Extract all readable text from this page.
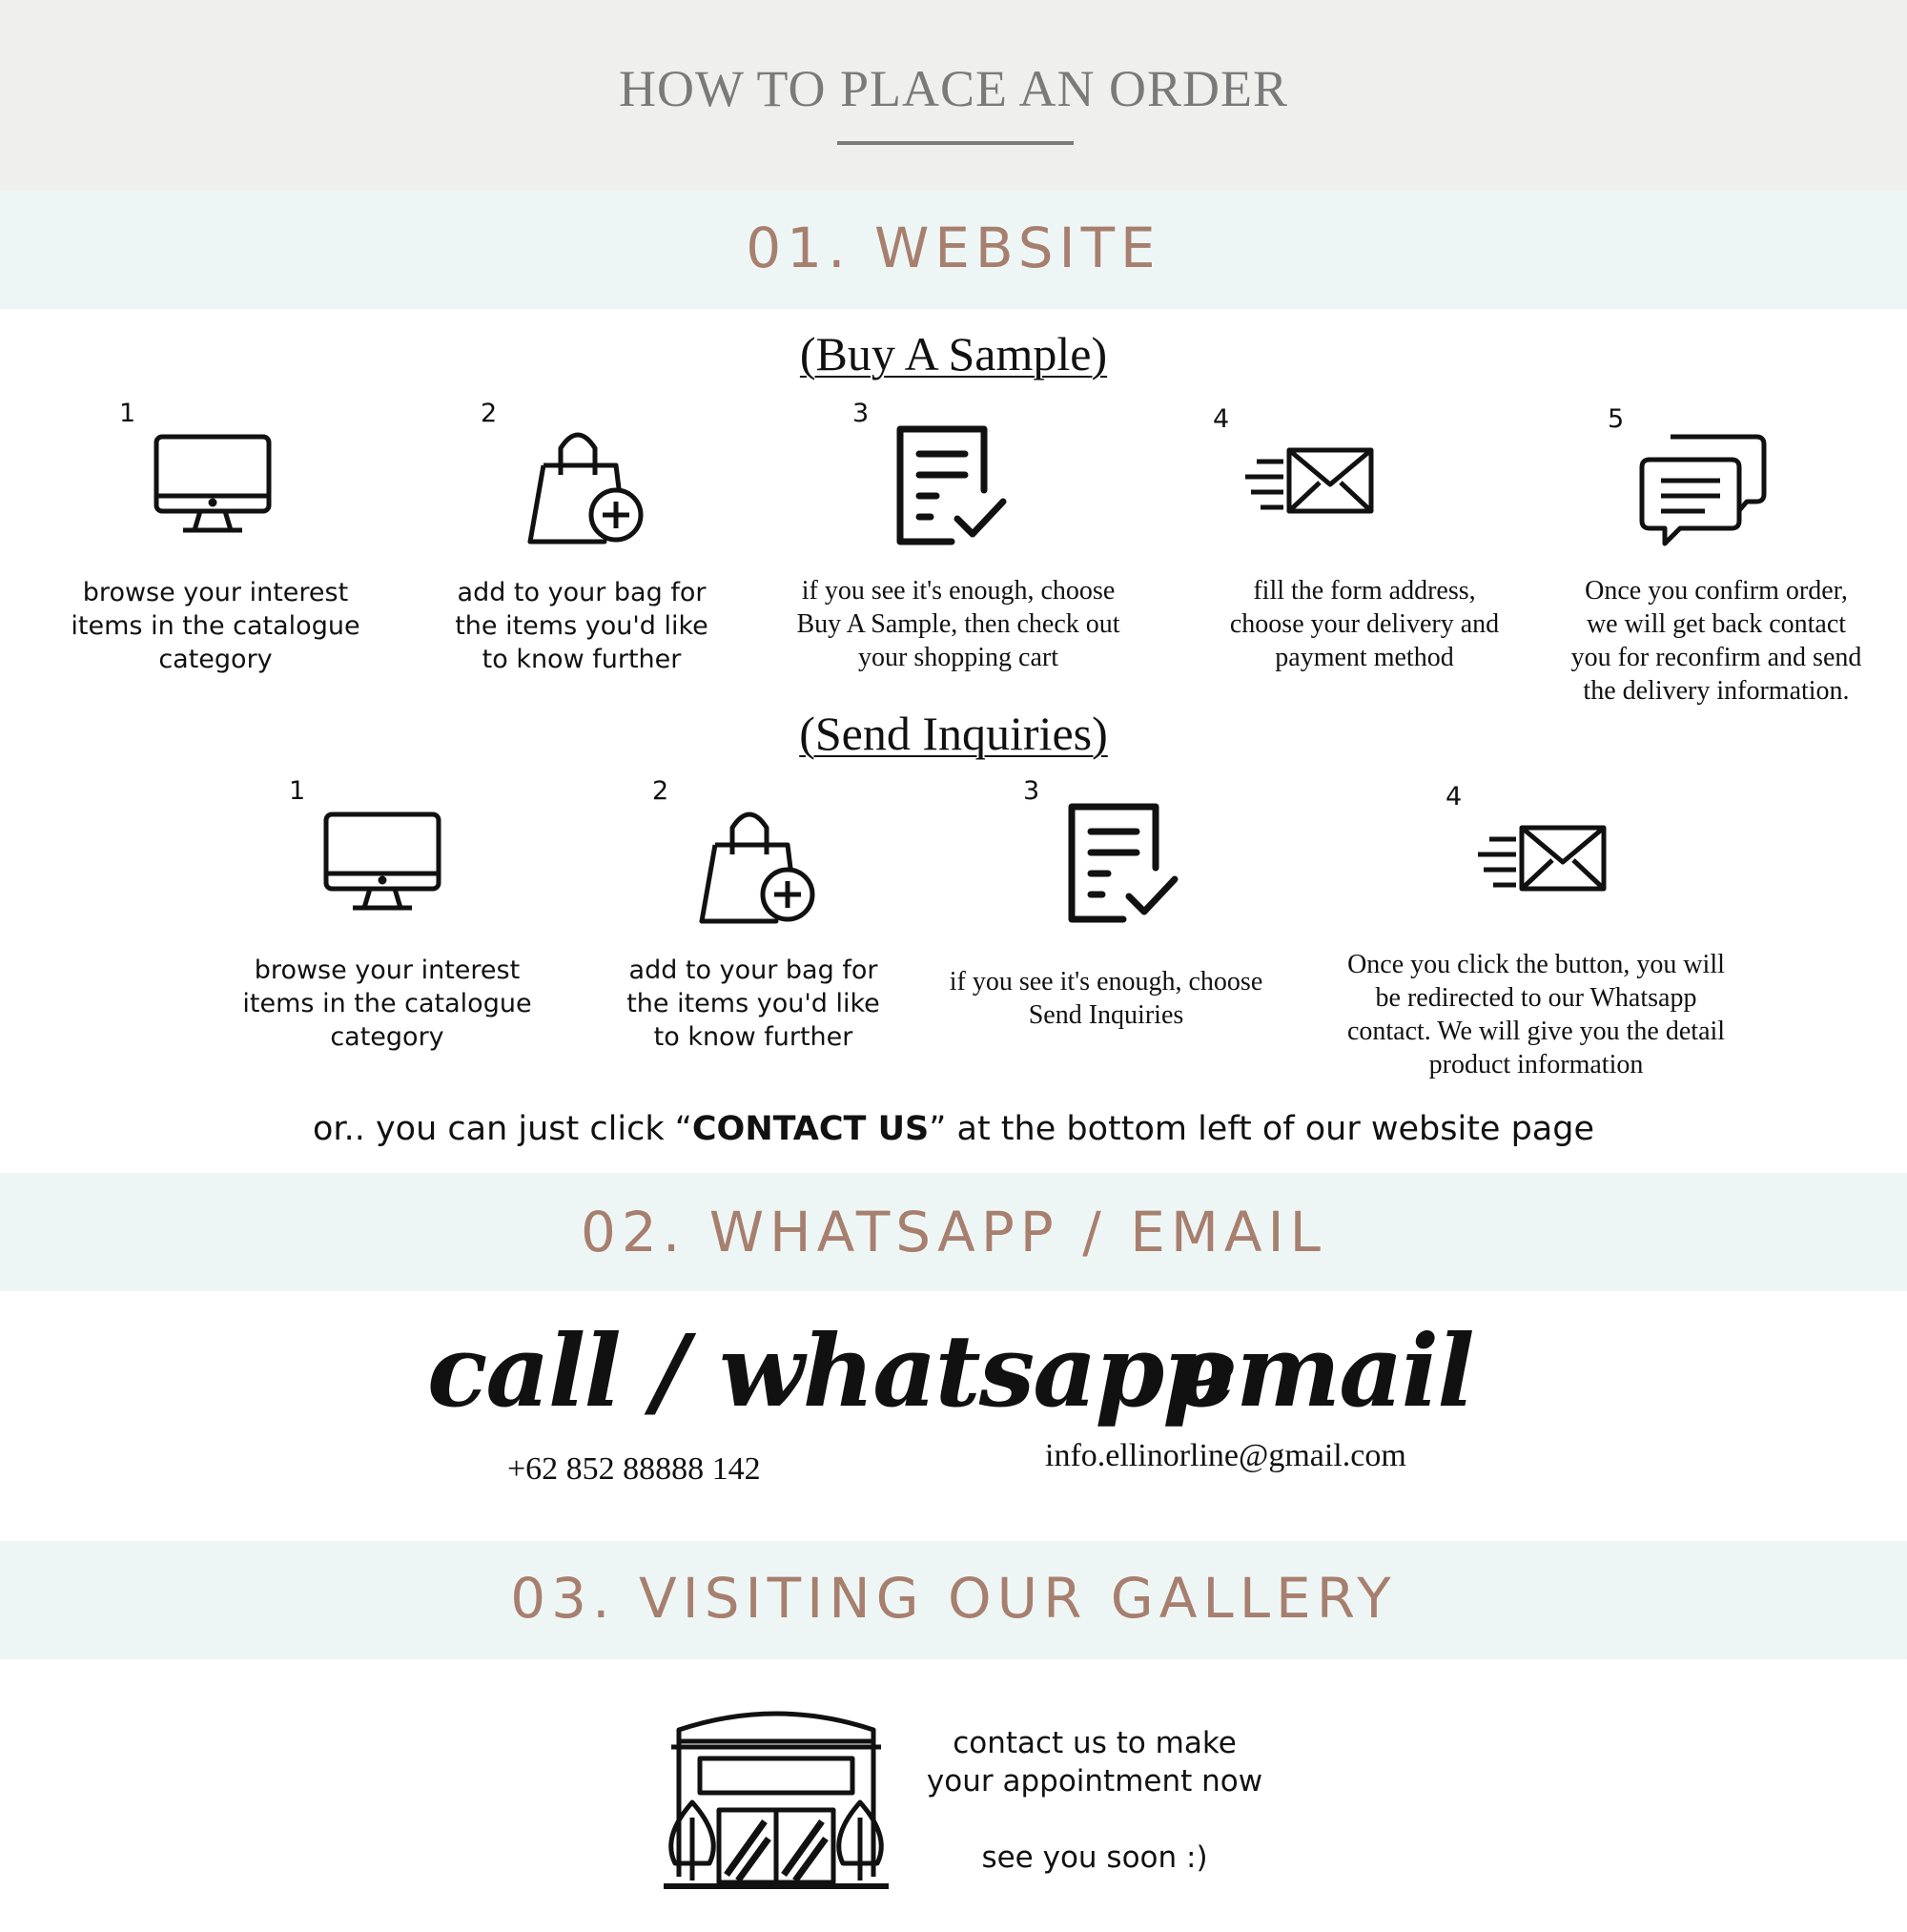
HOW TO PLACE AN ORDER
01. WEBSITE
(Buy A Sample)
1
browse your interest
items in the catalogue
category
2
add to your bag for
the items you'd like
to know further
3
if you see it's enough, choose
Buy A Sample, then check out
your shopping cart
4
fill the form address,
choose your delivery and
payment method
5
Once you confirm order,
we will get back contact
you for reconfirm and send
the delivery information.
(Send Inquiries)
1
browse your interest
items in the catalogue
category
2
add to your bag for
the items you'd like
to know further
3
if you see it's enough, choose
Send Inquiries
4
Once you click the button, you will
be redirected to our Whatsapp
contact. We will give you the detail
product information
or.. you can just click “CONTACT US” at the bottom left of our website page
02. WHATSAPP / EMAIL
call / whatsapp
+62 852 88888 142
email
info.ellinorline@gmail.com
03. VISITING OUR GALLERY
contact us to make
your appointment now
see you soon :)
